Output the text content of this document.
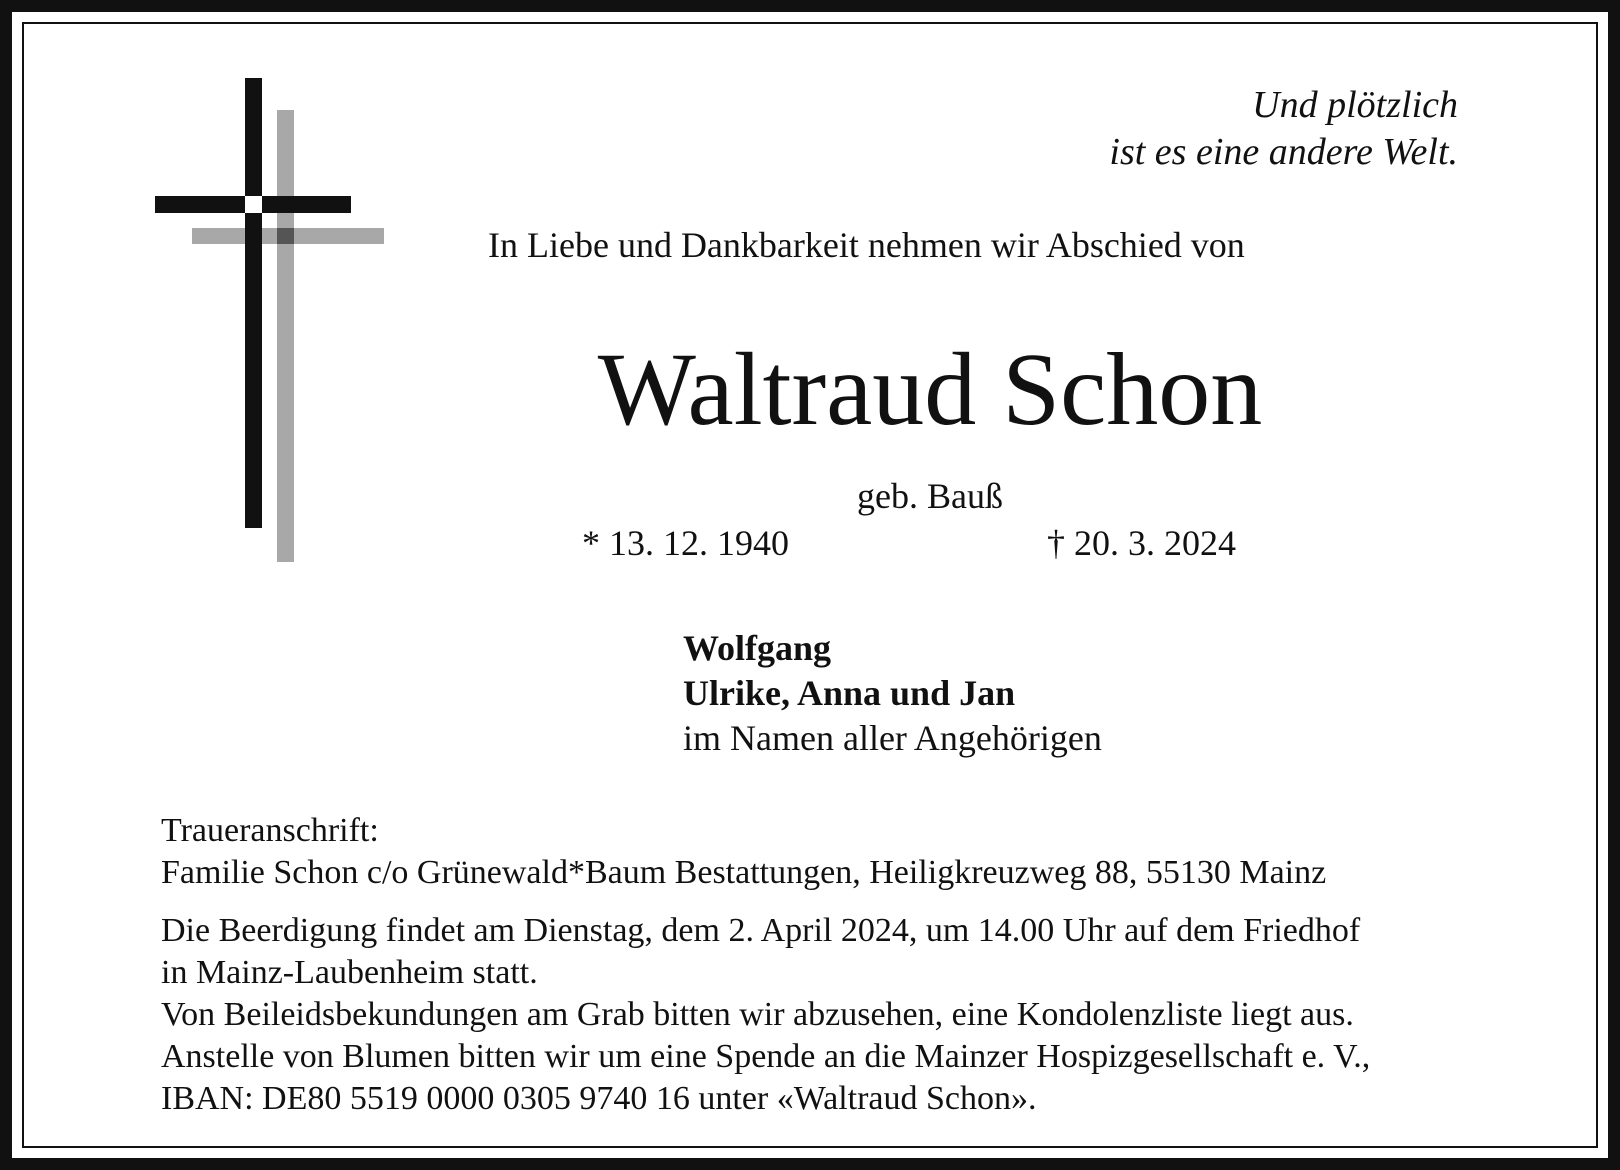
Und plötzlich
ist es eine andere Welt.
In Liebe und Dankbarkeit nehmen wir Abschied von
Waltraud Schon
geb. Bauß
* 13. 12. 1940	† 20. 3. 2024
Wolfgang
Ulrike, Anna und Jan
im Namen aller Angehörigen
Traueranschrift:
Familie Schon c/o Grünewald*Baum Bestattungen, Heiligkreuzweg 88, 55130 Mainz
Die Beerdigung findet am Dienstag, dem 2. April 2024, um 14.00 Uhr auf dem Friedhof
in Mainz-Laubenheim statt.
Von Beileidsbekundungen am Grab bitten wir abzusehen, eine Kondolenzliste liegt aus.
Anstelle von Blumen bitten wir um eine Spende an die Mainzer Hospizgesellschaft e. V.,
IBAN: DE80 5519 0000 0305 9740 16 unter «Waltraud Schon».
